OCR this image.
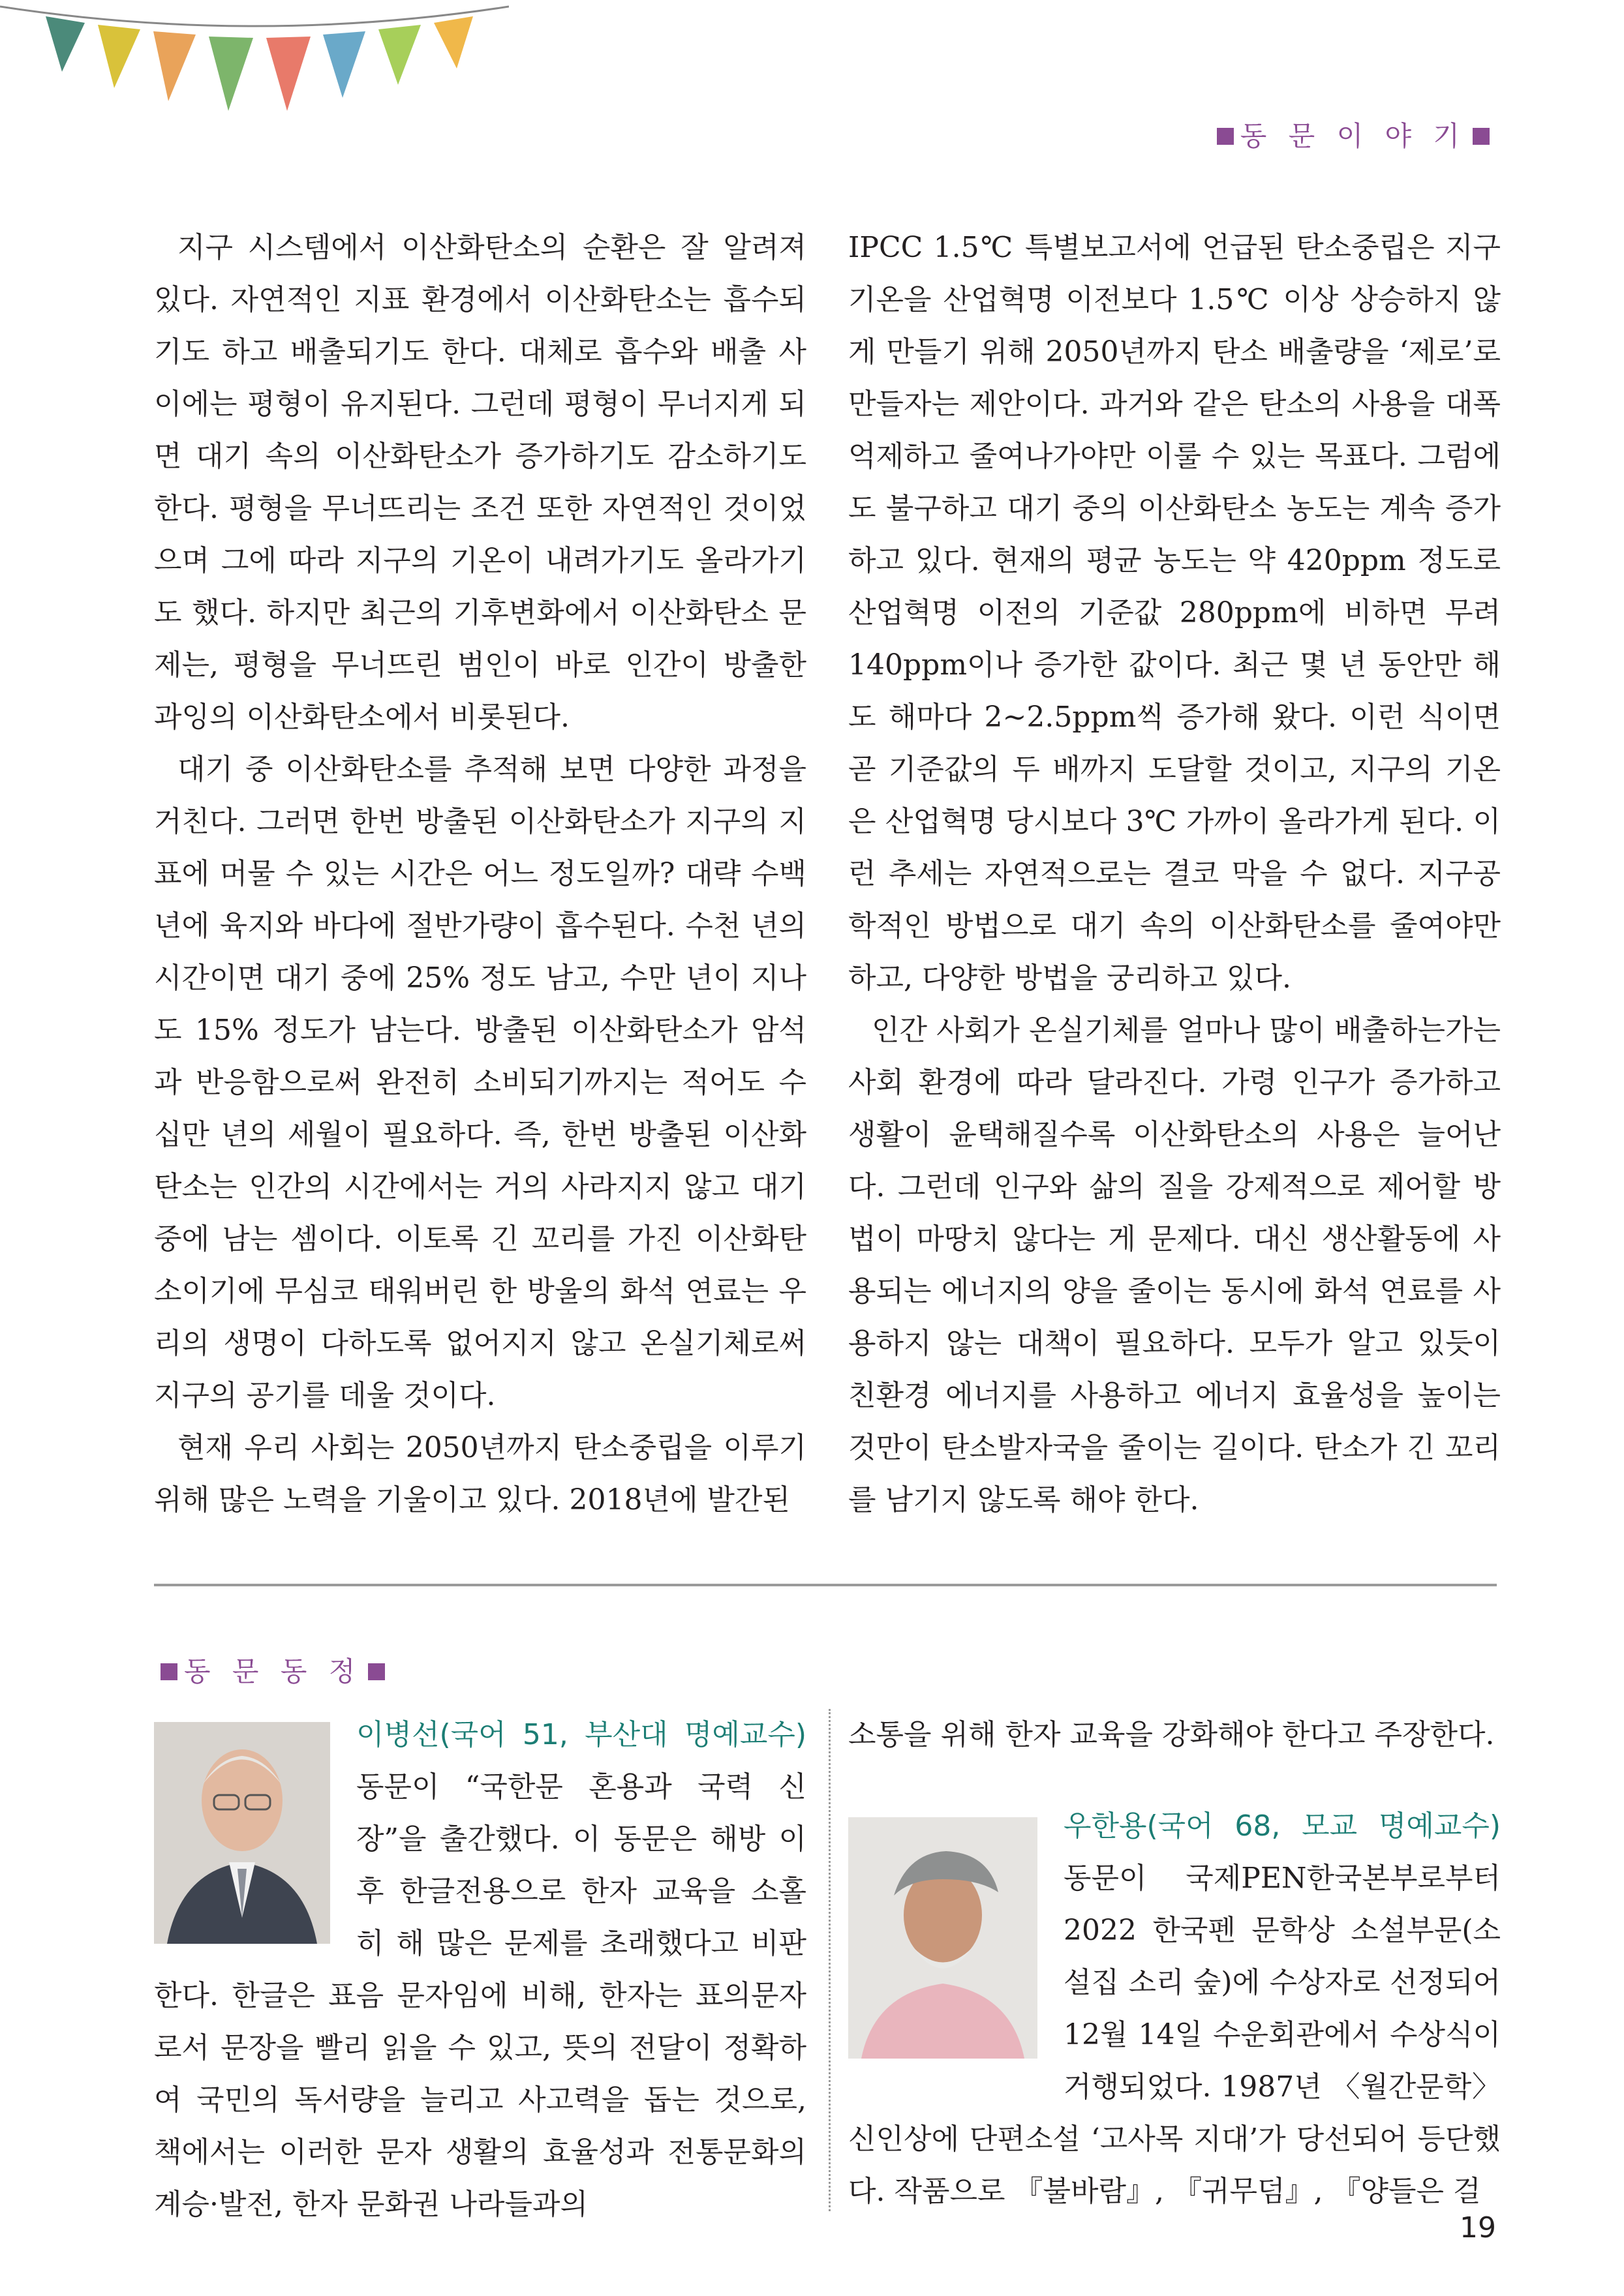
동 문 이 야 기

지구 시스템에서 이산화탄소의 순환은 잘 알려져 있다. 자연적인 지표 환경에서 이산화탄소는 흡수되기도 하고 배출되기도 한다. 대체로 흡수와 배출 사이에는 평형이 유지된다. 그런데 평형이 무너지게 되면 대기 속의 이산화탄소가 증가하기도 감소하기도 한다. 평형을 무너뜨리는 조건 또한 자연적인 것이었으며 그에 따라 지구의 기온이 내려가기도 올라가기도 했다. 하지만 최근의 기후변화에서 이산화탄소 문제는, 평형을 무너뜨린 범인이 바로 인간이 방출한 과잉의 이산화탄소에서 비롯된다.

대기 중 이산화탄소를 추적해 보면 다양한 과정을 거친다. 그러면 한번 방출된 이산화탄소가 지구의 지표에 머물 수 있는 시간은 어느 정도일까? 대략 수백 년에 육지와 바다에 절반가량이 흡수된다. 수천 년의 시간이면 대기 중에 25% 정도 남고, 수만 년이 지나도 15% 정도가 남는다. 방출된 이산화탄소가 암석과 반응함으로써 완전히 소비되기까지는 적어도 수십만 년의 세월이 필요하다. 즉, 한번 방출된 이산화탄소는 인간의 시간에서는 거의 사라지지 않고 대기 중에 남는 셈이다. 이토록 긴 꼬리를 가진 이산화탄소이기에 무심코 태워버린 한 방울의 화석 연료는 우리의 생명이 다하도록 없어지지 않고 온실기체로써 지구의 공기를 데울 것이다.

현재 우리 사회는 2050년까지 탄소중립을 이루기 위해 많은 노력을 기울이고 있다. 2018년에 발간된

IPCC 1.5℃ 특별보고서에 언급된 탄소중립은 지구 기온을 산업혁명 이전보다 1.5℃ 이상 상승하지 않게 만들기 위해 2050년까지 탄소 배출량을 ‘제로’로 만들자는 제안이다. 과거와 같은 탄소의 사용을 대폭 억제하고 줄여나가야만 이룰 수 있는 목표다. 그럼에도 불구하고 대기 중의 이산화탄소 농도는 계속 증가하고 있다. 현재의 평균 농도는 약 420ppm 정도로 산업혁명 이전의 기준값 280ppm에 비하면 무려 140ppm이나 증가한 값이다. 최근 몇 년 동안만 해도 해마다 2~2.5ppm씩 증가해 왔다. 이런 식이면 곧 기준값의 두 배까지 도달할 것이고, 지구의 기온은 산업혁명 당시보다 3℃ 가까이 올라가게 된다. 이런 추세는 자연적으로는 결코 막을 수 없다. 지구공학적인 방법으로 대기 속의 이산화탄소를 줄여야만 하고, 다양한 방법을 궁리하고 있다.

인간 사회가 온실기체를 얼마나 많이 배출하는가는 사회 환경에 따라 달라진다. 가령 인구가 증가하고 생활이 윤택해질수록 이산화탄소의 사용은 늘어난다. 그런데 인구와 삶의 질을 강제적으로 제어할 방법이 마땅치 않다는 게 문제다. 대신 생산활동에 사용되는 에너지의 양을 줄이는 동시에 화석 연료를 사용하지 않는 대책이 필요하다. 모두가 알고 있듯이 친환경 에너지를 사용하고 에너지 효율성을 높이는 것만이 탄소발자국을 줄이는 길이다. 탄소가 긴 꼬리를 남기지 않도록 해야 한다.

동 문 동 정

이병선(국어 51, 부산대 명예교수) 동문이 “국한문 혼용과 국력 신장”을 출간했다. 이 동문은 해방 이후 한글전용으로 한자 교육을 소홀히 해 많은 문제를 초래했다고 비판한다. 한글은 표음 문자임에 비해, 한자는 표의문자로서 문장을 빨리 읽을 수 있고, 뜻의 전달이 정확하여 국민의 독서량을 늘리고 사고력을 돕는 것으로, 책에서는 이러한 문자 생활의 효율성과 전통문화의 계승·발전, 한자 문화권 나라들과의

소통을 위해 한자 교육을 강화해야 한다고 주장한다.

우한용(국어 68, 모교 명예교수) 동문이 국제PEN한국본부로부터 2022 한국펜 문학상 소설부문(소설집 소리 숲)에 수상자로 선정되어 12월 14일 수운회관에서 수상식이 거행되었다. 1987년 〈월간문학〉 신인상에 단편소설 ‘고사목 지대’가 당선되어 등단했다. 작품으로 『불바람』, 『귀무덤』, 『양들은 걸

19
